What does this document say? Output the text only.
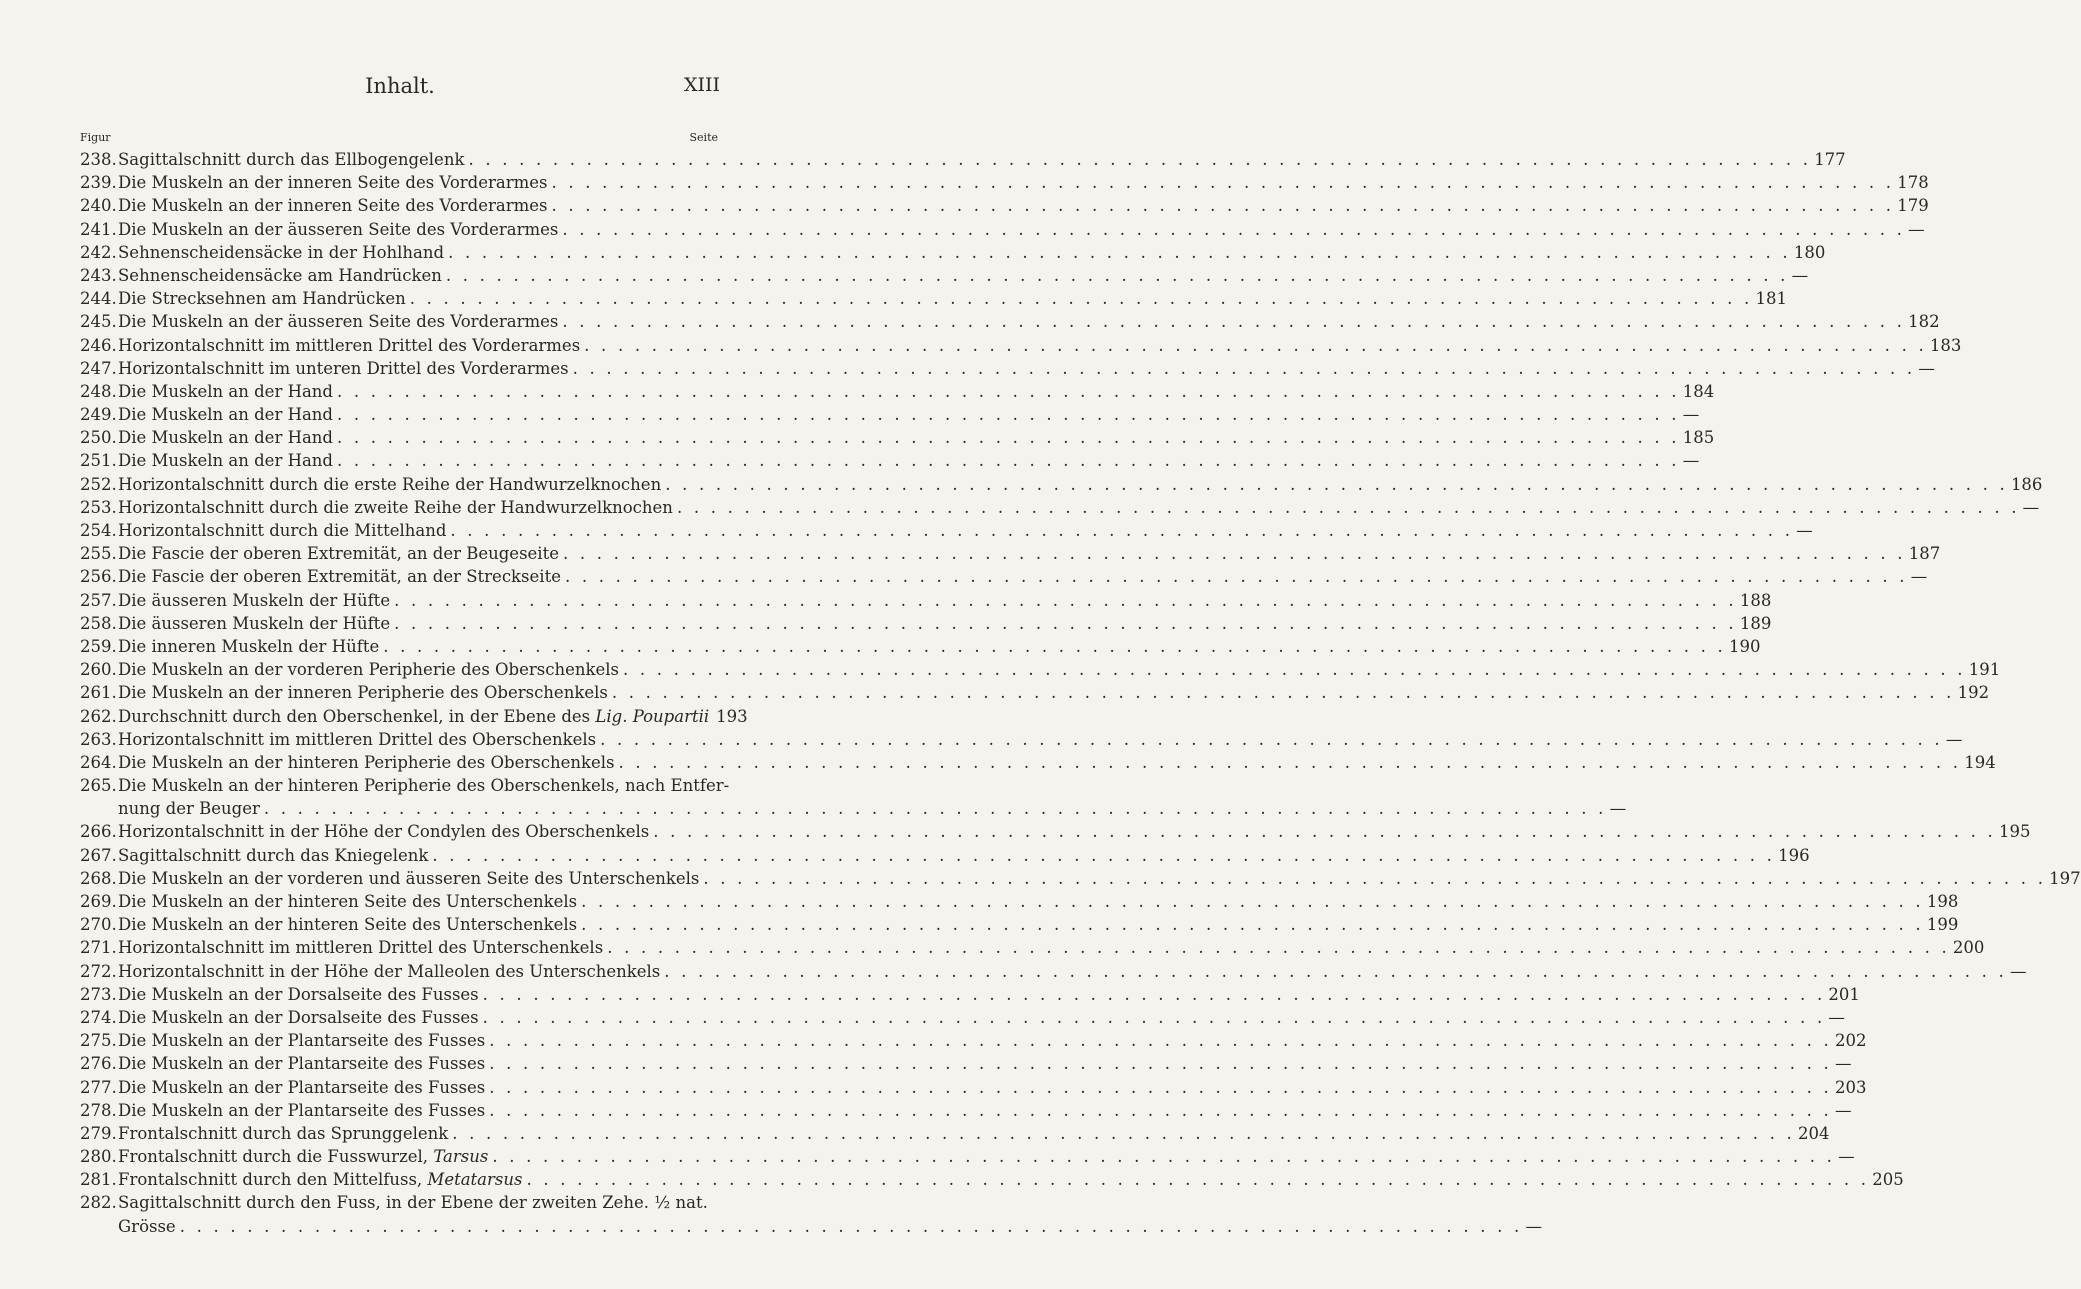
Inhalt.	XIII
Figur	Seite
238. Sagittalschnitt durch das Ellbogengelenk . . . . . . . . . . . . . . . . . . . . . . . . . . . . . . . . . . . . . . . . . . . . . . . . . . . . . . . . . . . . . . . . . . . . . . . . . . . . . . . . 177
239. Die Muskeln an der inneren Seite des Vorderarmes . . . . . . . . . . . . . . . . . . . . . . . . . . . . . . . . . . . . . . . . . . . . . . . . . . . . . . . . . . . . . . . . . . . . . . . . . . . . . . . . 178
240. Die Muskeln an der inneren Seite des Vorderarmes . . . . . . . . . . . . . . . . . . . . . . . . . . . . . . . . . . . . . . . . . . . . . . . . . . . . . . . . . . . . . . . . . . . . . . . . . . . . . . . . 179
241. Die Muskeln an der äusseren Seite des Vorderarmes . . . . . . . . . . . . . . . . . . . . . . . . . . . . . . . . . . . . . . . . . . . . . . . . . . . . . . . . . . . . . . . . . . . . . . . . . . . . . . . . —
242. Sehnenscheidensäcke in der Hohlhand . . . . . . . . . . . . . . . . . . . . . . . . . . . . . . . . . . . . . . . . . . . . . . . . . . . . . . . . . . . . . . . . . . . . . . . . . . . . . . . . 180
243. Sehnenscheidensäcke am Handrücken . . . . . . . . . . . . . . . . . . . . . . . . . . . . . . . . . . . . . . . . . . . . . . . . . . . . . . . . . . . . . . . . . . . . . . . . . . . . . . . . —
244. Die Strecksehnen am Handrücken . . . . . . . . . . . . . . . . . . . . . . . . . . . . . . . . . . . . . . . . . . . . . . . . . . . . . . . . . . . . . . . . . . . . . . . . . . . . . . . . 181
245. Die Muskeln an der äusseren Seite des Vorderarmes . . . . . . . . . . . . . . . . . . . . . . . . . . . . . . . . . . . . . . . . . . . . . . . . . . . . . . . . . . . . . . . . . . . . . . . . . . . . . . . . 182
246. Horizontalschnitt im mittleren Drittel des Vorderarmes . . . . . . . . . . . . . . . . . . . . . . . . . . . . . . . . . . . . . . . . . . . . . . . . . . . . . . . . . . . . . . . . . . . . . . . . . . . . . . . . 183
247. Horizontalschnitt im unteren Drittel des Vorderarmes . . . . . . . . . . . . . . . . . . . . . . . . . . . . . . . . . . . . . . . . . . . . . . . . . . . . . . . . . . . . . . . . . . . . . . . . . . . . . . . . —
248. Die Muskeln an der Hand . . . . . . . . . . . . . . . . . . . . . . . . . . . . . . . . . . . . . . . . . . . . . . . . . . . . . . . . . . . . . . . . . . . . . . . . . . . . . . . . 184
249. Die Muskeln an der Hand . . . . . . . . . . . . . . . . . . . . . . . . . . . . . . . . . . . . . . . . . . . . . . . . . . . . . . . . . . . . . . . . . . . . . . . . . . . . . . . . —
250. Die Muskeln an der Hand . . . . . . . . . . . . . . . . . . . . . . . . . . . . . . . . . . . . . . . . . . . . . . . . . . . . . . . . . . . . . . . . . . . . . . . . . . . . . . . . 185
251. Die Muskeln an der Hand . . . . . . . . . . . . . . . . . . . . . . . . . . . . . . . . . . . . . . . . . . . . . . . . . . . . . . . . . . . . . . . . . . . . . . . . . . . . . . . . —
252. Horizontalschnitt durch die erste Reihe der Handwurzelknochen . . . . . . . . . . . . . . . . . . . . . . . . . . . . . . . . . . . . . . . . . . . . . . . . . . . . . . . . . . . . . . . . . . . . . . . . . . . . . . . . 186
253. Horizontalschnitt durch die zweite Reihe der Handwurzelknochen . . . . . . . . . . . . . . . . . . . . . . . . . . . . . . . . . . . . . . . . . . . . . . . . . . . . . . . . . . . . . . . . . . . . . . . . . . . . . . . . —
254. Horizontalschnitt durch die Mittelhand . . . . . . . . . . . . . . . . . . . . . . . . . . . . . . . . . . . . . . . . . . . . . . . . . . . . . . . . . . . . . . . . . . . . . . . . . . . . . . . . —
255. Die Fascie der oberen Extremität, an der Beugeseite . . . . . . . . . . . . . . . . . . . . . . . . . . . . . . . . . . . . . . . . . . . . . . . . . . . . . . . . . . . . . . . . . . . . . . . . . . . . . . . . 187
256. Die Fascie der oberen Extremität, an der Streckseite . . . . . . . . . . . . . . . . . . . . . . . . . . . . . . . . . . . . . . . . . . . . . . . . . . . . . . . . . . . . . . . . . . . . . . . . . . . . . . . . —
257. Die äusseren Muskeln der Hüfte . . . . . . . . . . . . . . . . . . . . . . . . . . . . . . . . . . . . . . . . . . . . . . . . . . . . . . . . . . . . . . . . . . . . . . . . . . . . . . . . 188
258. Die äusseren Muskeln der Hüfte . . . . . . . . . . . . . . . . . . . . . . . . . . . . . . . . . . . . . . . . . . . . . . . . . . . . . . . . . . . . . . . . . . . . . . . . . . . . . . . . 189
259. Die inneren Muskeln der Hüfte . . . . . . . . . . . . . . . . . . . . . . . . . . . . . . . . . . . . . . . . . . . . . . . . . . . . . . . . . . . . . . . . . . . . . . . . . . . . . . . . 190
260. Die Muskeln an der vorderen Peripherie des Oberschenkels . . . . . . . . . . . . . . . . . . . . . . . . . . . . . . . . . . . . . . . . . . . . . . . . . . . . . . . . . . . . . . . . . . . . . . . . . . . . . . . . 191
261. Die Muskeln an der inneren Peripherie des Oberschenkels . . . . . . . . . . . . . . . . . . . . . . . . . . . . . . . . . . . . . . . . . . . . . . . . . . . . . . . . . . . . . . . . . . . . . . . . . . . . . . . . 192
262. Durchschnitt durch den Oberschenkel, in der Ebene des Lig. Poupartii 193
263. Horizontalschnitt im mittleren Drittel des Oberschenkels . . . . . . . . . . . . . . . . . . . . . . . . . . . . . . . . . . . . . . . . . . . . . . . . . . . . . . . . . . . . . . . . . . . . . . . . . . . . . . . . —
264. Die Muskeln an der hinteren Peripherie des Oberschenkels . . . . . . . . . . . . . . . . . . . . . . . . . . . . . . . . . . . . . . . . . . . . . . . . . . . . . . . . . . . . . . . . . . . . . . . . . . . . . . . . 194
265. Die Muskeln an der hinteren Peripherie des Oberschenkels, nach Entfer-
nung der Beuger . . . . . . . . . . . . . . . . . . . . . . . . . . . . . . . . . . . . . . . . . . . . . . . . . . . . . . . . . . . . . . . . . . . . . . . . . . . . . . . . —
266. Horizontalschnitt in der Höhe der Condylen des Oberschenkels . . . . . . . . . . . . . . . . . . . . . . . . . . . . . . . . . . . . . . . . . . . . . . . . . . . . . . . . . . . . . . . . . . . . . . . . . . . . . . . . 195
267. Sagittalschnitt durch das Kniegelenk . . . . . . . . . . . . . . . . . . . . . . . . . . . . . . . . . . . . . . . . . . . . . . . . . . . . . . . . . . . . . . . . . . . . . . . . . . . . . . . . 196
268. Die Muskeln an der vorderen und äusseren Seite des Unterschenkels . . . . . . . . . . . . . . . . . . . . . . . . . . . . . . . . . . . . . . . . . . . . . . . . . . . . . . . . . . . . . . . . . . . . . . . . . . . . . . . . 197
269. Die Muskeln an der hinteren Seite des Unterschenkels . . . . . . . . . . . . . . . . . . . . . . . . . . . . . . . . . . . . . . . . . . . . . . . . . . . . . . . . . . . . . . . . . . . . . . . . . . . . . . . . 198
270. Die Muskeln an der hinteren Seite des Unterschenkels . . . . . . . . . . . . . . . . . . . . . . . . . . . . . . . . . . . . . . . . . . . . . . . . . . . . . . . . . . . . . . . . . . . . . . . . . . . . . . . . 199
271. Horizontalschnitt im mittleren Drittel des Unterschenkels . . . . . . . . . . . . . . . . . . . . . . . . . . . . . . . . . . . . . . . . . . . . . . . . . . . . . . . . . . . . . . . . . . . . . . . . . . . . . . . . 200
272. Horizontalschnitt in der Höhe der Malleolen des Unterschenkels . . . . . . . . . . . . . . . . . . . . . . . . . . . . . . . . . . . . . . . . . . . . . . . . . . . . . . . . . . . . . . . . . . . . . . . . . . . . . . . . —
273. Die Muskeln an der Dorsalseite des Fusses . . . . . . . . . . . . . . . . . . . . . . . . . . . . . . . . . . . . . . . . . . . . . . . . . . . . . . . . . . . . . . . . . . . . . . . . . . . . . . . . 201
274. Die Muskeln an der Dorsalseite des Fusses . . . . . . . . . . . . . . . . . . . . . . . . . . . . . . . . . . . . . . . . . . . . . . . . . . . . . . . . . . . . . . . . . . . . . . . . . . . . . . . . —
275. Die Muskeln an der Plantarseite des Fusses . . . . . . . . . . . . . . . . . . . . . . . . . . . . . . . . . . . . . . . . . . . . . . . . . . . . . . . . . . . . . . . . . . . . . . . . . . . . . . . . 202
276. Die Muskeln an der Plantarseite des Fusses . . . . . . . . . . . . . . . . . . . . . . . . . . . . . . . . . . . . . . . . . . . . . . . . . . . . . . . . . . . . . . . . . . . . . . . . . . . . . . . . —
277. Die Muskeln an der Plantarseite des Fusses . . . . . . . . . . . . . . . . . . . . . . . . . . . . . . . . . . . . . . . . . . . . . . . . . . . . . . . . . . . . . . . . . . . . . . . . . . . . . . . . 203
278. Die Muskeln an der Plantarseite des Fusses . . . . . . . . . . . . . . . . . . . . . . . . . . . . . . . . . . . . . . . . . . . . . . . . . . . . . . . . . . . . . . . . . . . . . . . . . . . . . . . . —
279. Frontalschnitt durch das Sprunggelenk . . . . . . . . . . . . . . . . . . . . . . . . . . . . . . . . . . . . . . . . . . . . . . . . . . . . . . . . . . . . . . . . . . . . . . . . . . . . . . . . 204
280. Frontalschnitt durch die Fusswurzel, Tarsus . . . . . . . . . . . . . . . . . . . . . . . . . . . . . . . . . . . . . . . . . . . . . . . . . . . . . . . . . . . . . . . . . . . . . . . . . . . . . . . . —
281. Frontalschnitt durch den Mittelfuss, Metatarsus . . . . . . . . . . . . . . . . . . . . . . . . . . . . . . . . . . . . . . . . . . . . . . . . . . . . . . . . . . . . . . . . . . . . . . . . . . . . . . . . 205
282. Sagittalschnitt durch den Fuss, in der Ebene der zweiten Zehe. ½ nat.
Grösse . . . . . . . . . . . . . . . . . . . . . . . . . . . . . . . . . . . . . . . . . . . . . . . . . . . . . . . . . . . . . . . . . . . . . . . . . . . . . . . . —
